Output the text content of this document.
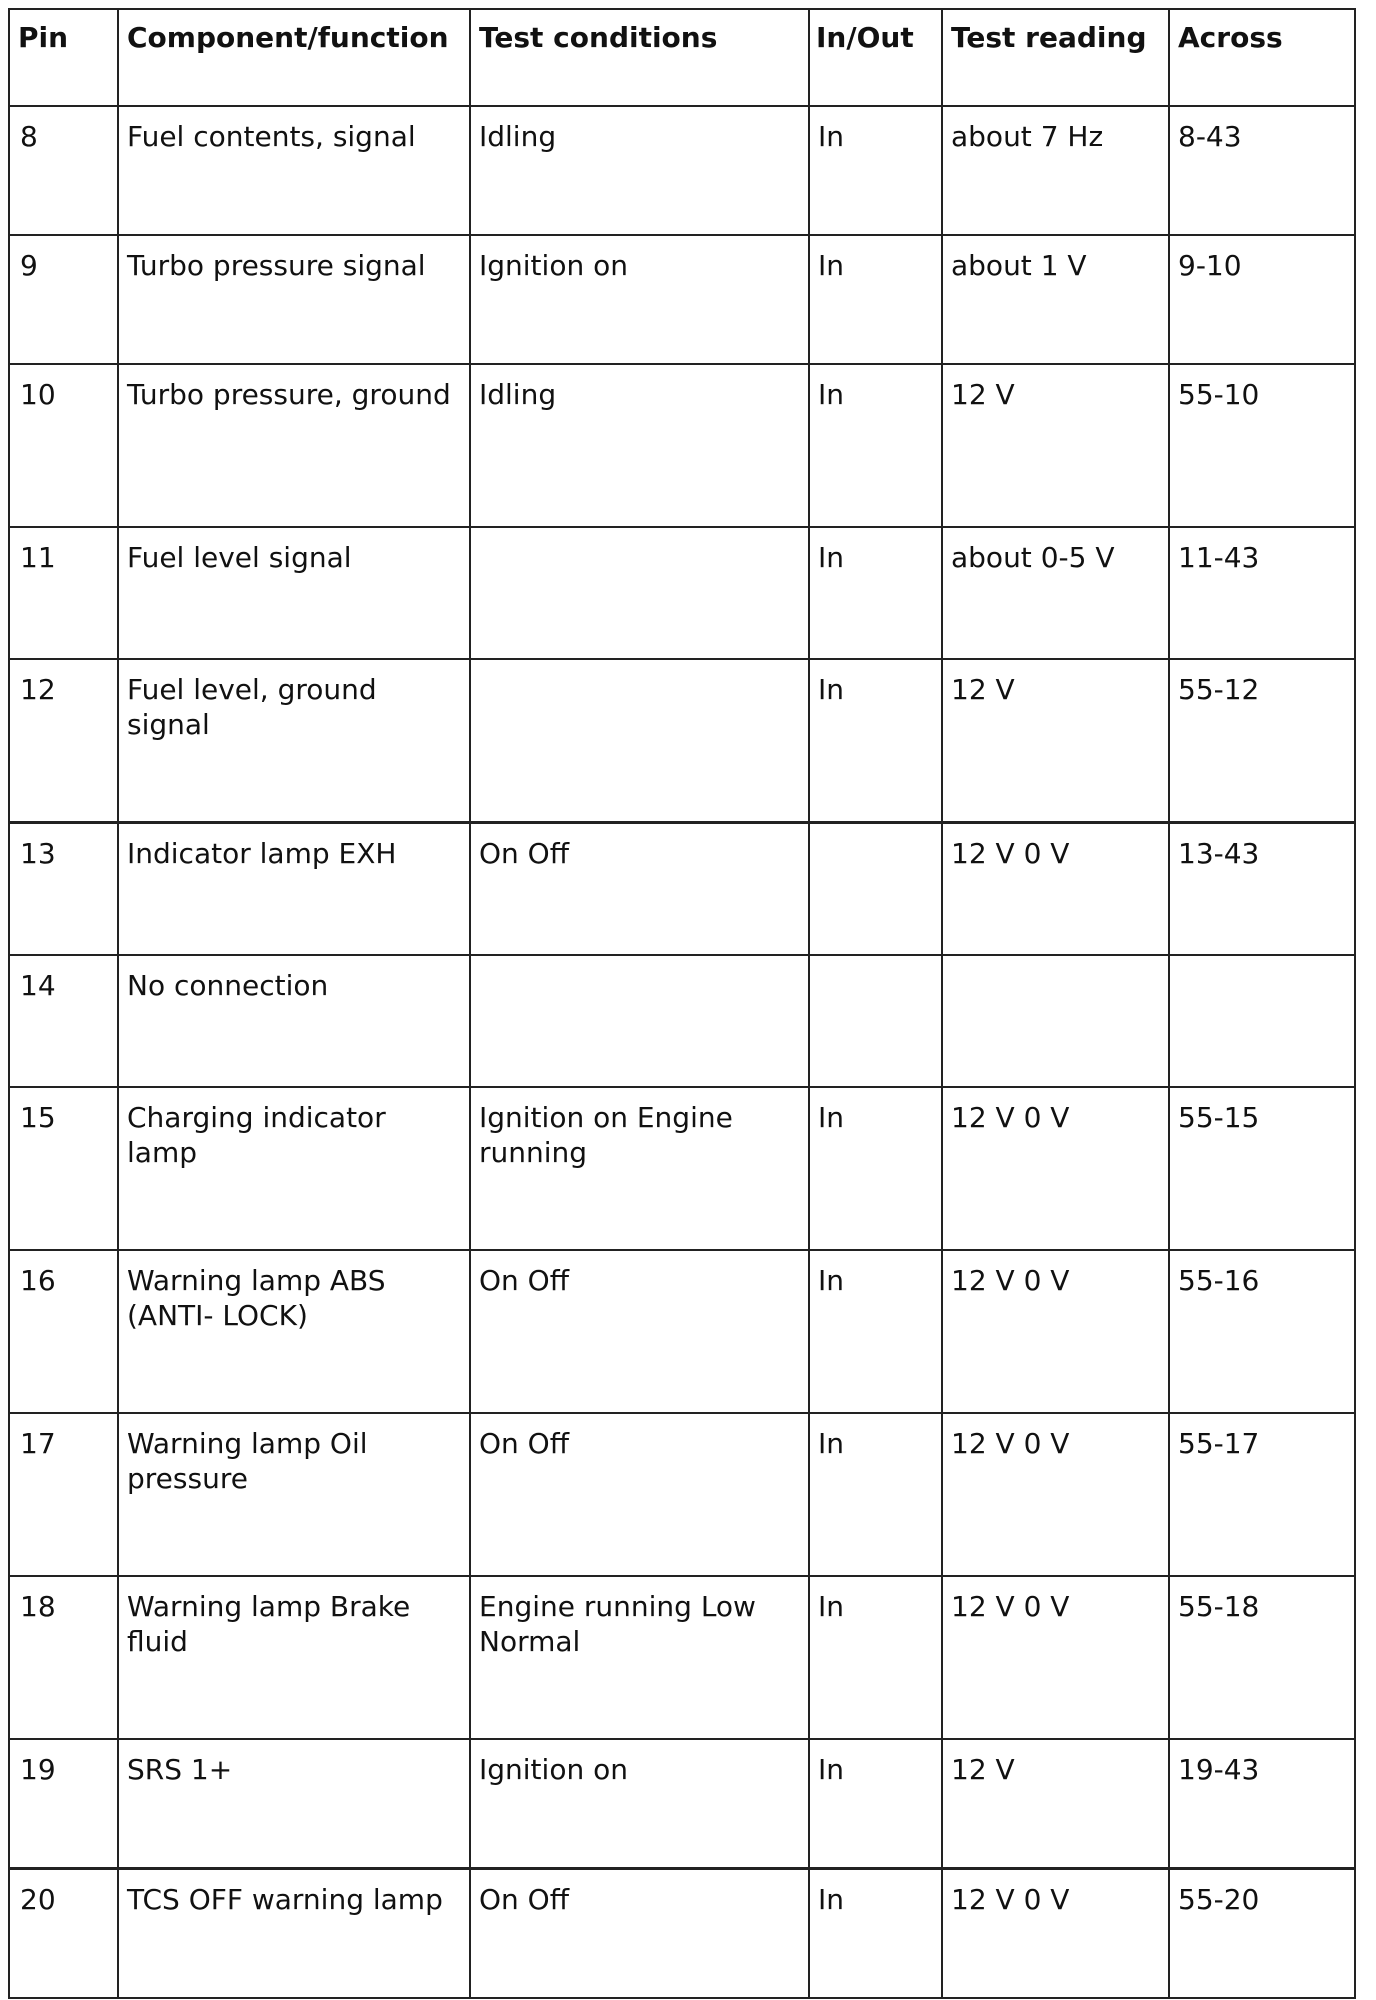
Pin	Component/function	Test conditions	In/Out	Test reading	Across
8	Fuel contents, signal	Idling	In	about 7 Hz	8-43
9	Turbo pressure signal	Ignition on	In	about 1 V	9-10
10	Turbo pressure, ground	Idling	In	12 V	55-10
11	Fuel level signal		In	about 0-5 V	11-43
12	Fuel level, ground signal		In	12 V	55-12
13	Indicator lamp EXH	On Off		12 V 0 V	13-43
14	No connection				
15	Charging indicator lamp	Ignition on Engine running	In	12 V 0 V	55-15
16	Warning lamp ABS (ANTI- LOCK)	On Off	In	12 V 0 V	55-16
17	Warning lamp Oil pressure	On Off	In	12 V 0 V	55-17
18	Warning lamp Brake fluid	Engine running Low Normal	In	12 V 0 V	55-18
19	SRS 1+	Ignition on	In	12 V	19-43
20	TCS OFF warning lamp	On Off	In	12 V 0 V	55-20
